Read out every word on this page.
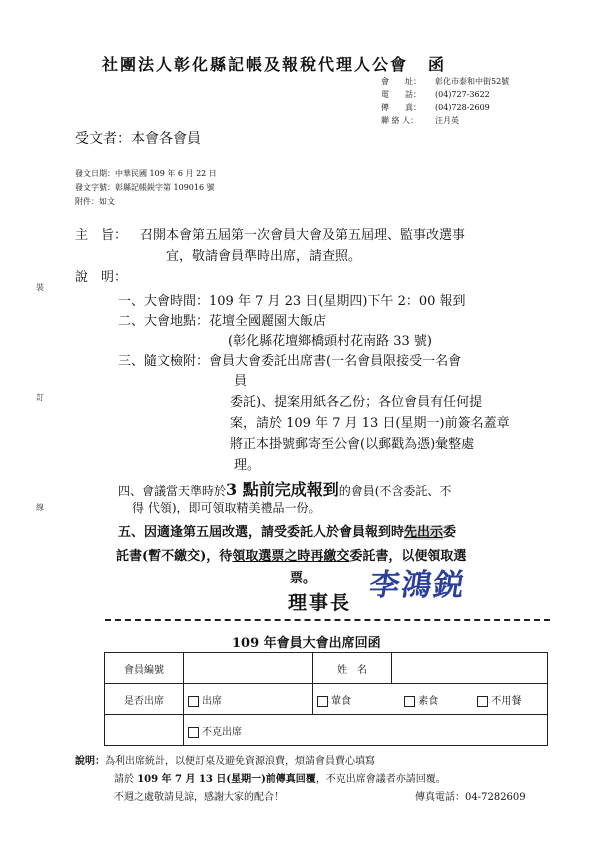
社團法人彰化縣記帳及報稅代理人公會 函
會　　址： 彰化市泰和中街52號
電　　話： (04)727-3622
傳　　真： (04)728-2609
聯 絡 人： 汪月英
受文者：本會各會員
發文日期：中華民國 109 年 6 月 22 日
發文字號：彰縣記帳鋭字第 109016 號
附件：如文
裝
訂
線
主　旨： 召開本會第五屆第一次會員大會及第五屆理、監事改選事
宜，敬請會員準時出席，請查照。
說　明：
一、大會時間：109 年 7 月 23 日(星期四)下午 2：00 報到
二、大會地點：花壇全國麗園大飯店
(彰化縣花壇鄉橋頭村花南路 33 號)
三、隨文檢附：會員大會委託出席書(一名會員限接受一名會
員
委託)、提案用紙各乙份；各位會員有任何提
案，請於 109 年 7 月 13 日(星期一)前簽名蓋章
將正本掛號郵寄至公會(以郵戳為憑)彙整處
理。
四、會議當天準時於3 點前完成報到的會員(不含委託、不
得 代領)，即可領取精美禮品一份。
五、因適逢第五屆改選，請受委託人於會員報到時先出示委
託書(暫不繳交)，待領取選票之時再繳交委託書，以便領取選
票。
理事長 李鴻鋭
109 年會員大會出席回函
會員編號		姓　名	
是否出席	出席	葷食 素食 不用餐	
	不克出席		
說明：為利出席統計，以便訂桌及避免資源浪費，煩請會員費心填寫
請於 109 年 7 月 13 日(星期一)前傳真回覆，不克出席會議者亦請回覆。
不週之處敬請見諒，感謝大家的配合！	傳真電話：04-7282609
